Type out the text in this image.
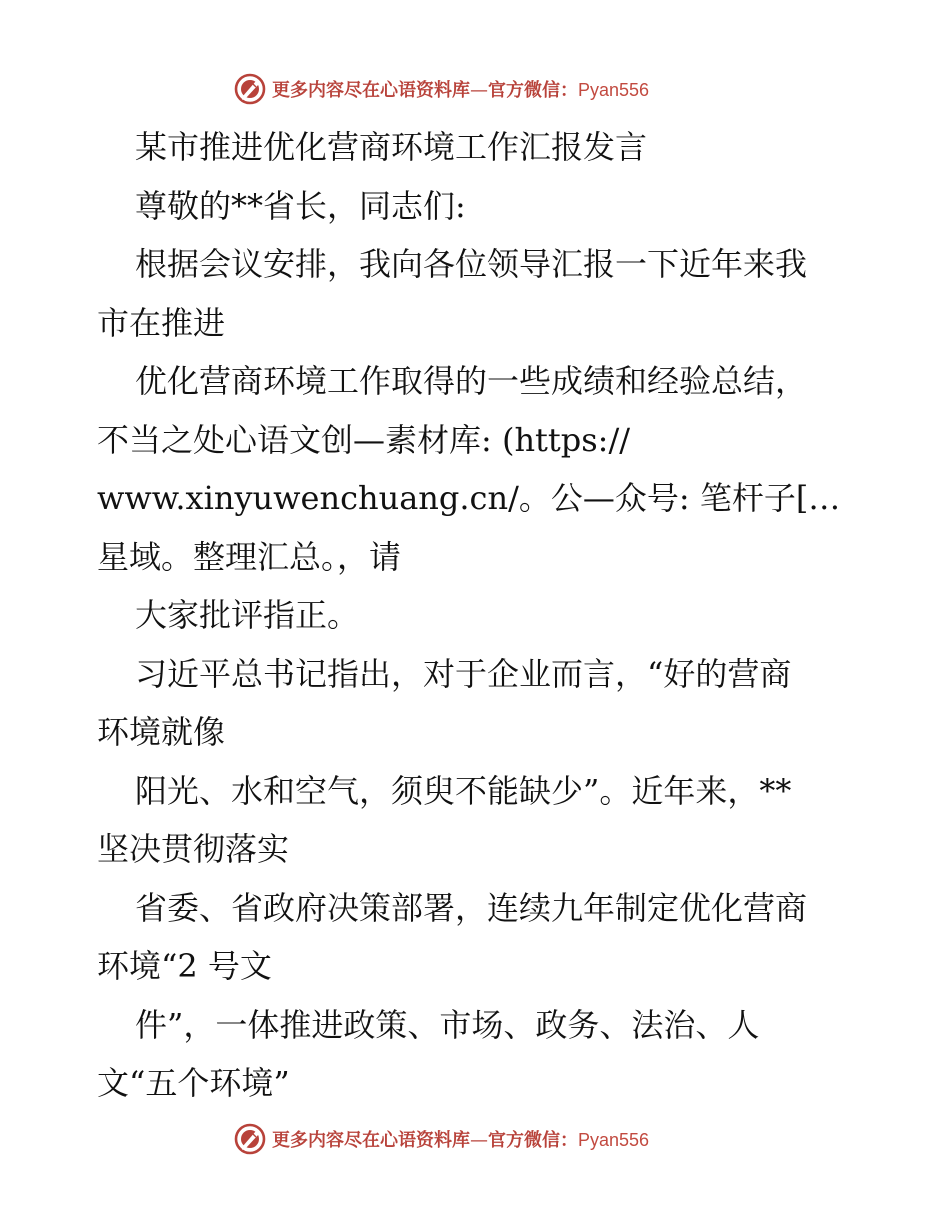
更多内容尽在心语资料库—官方微信：Pyan556
某市推进优化营商环境工作汇报发言
尊敬的**省长，同志们:
根据会议安排，我向各位领导汇报一下近年来我
市在推进
优化营商环境工作取得的一些成绩和经验总结，
不当之处心语文创—素材库: (https://
www.xinyuwenchuang.cn/。公—众号: 笔杆子[…
星域。整理汇总。，请
大家批评指正。
习近平总书记指出，对于企业而言，“好的营商
环境就像
阳光、水和空气，须臾不能缺少”。近年来，**
坚决贯彻落实
省委、省政府决策部署，连续九年制定优化营商
环境“2 号文
件”，一体推进政策、市场、政务、法治、人
文“五个环境”
更多内容尽在心语资料库—官方微信：Pyan556
